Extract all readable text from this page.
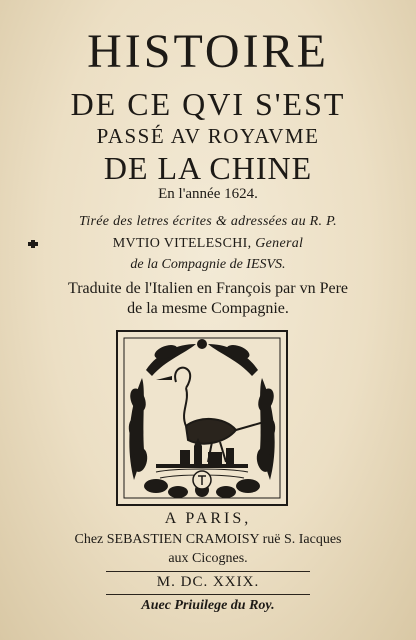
HISTOIRE
DE CE QVI S'EST
PASSÉ AV ROYAVME
DE LA CHINE
En l'année 1624.
Tirée des letres écrites & adressées au R. P.
MVTIO VITELESCHI, General
de la Compagnie de IESVS.
Traduite de l'Italien en François par vn Pere
de la mesme Compagnie.
A PARIS,
Chez SEBASTIEN CRAMOISY ruë S. Iacques
aux Cicognes.
M. DC. XXIX.
Auec Priuilege du Roy.
